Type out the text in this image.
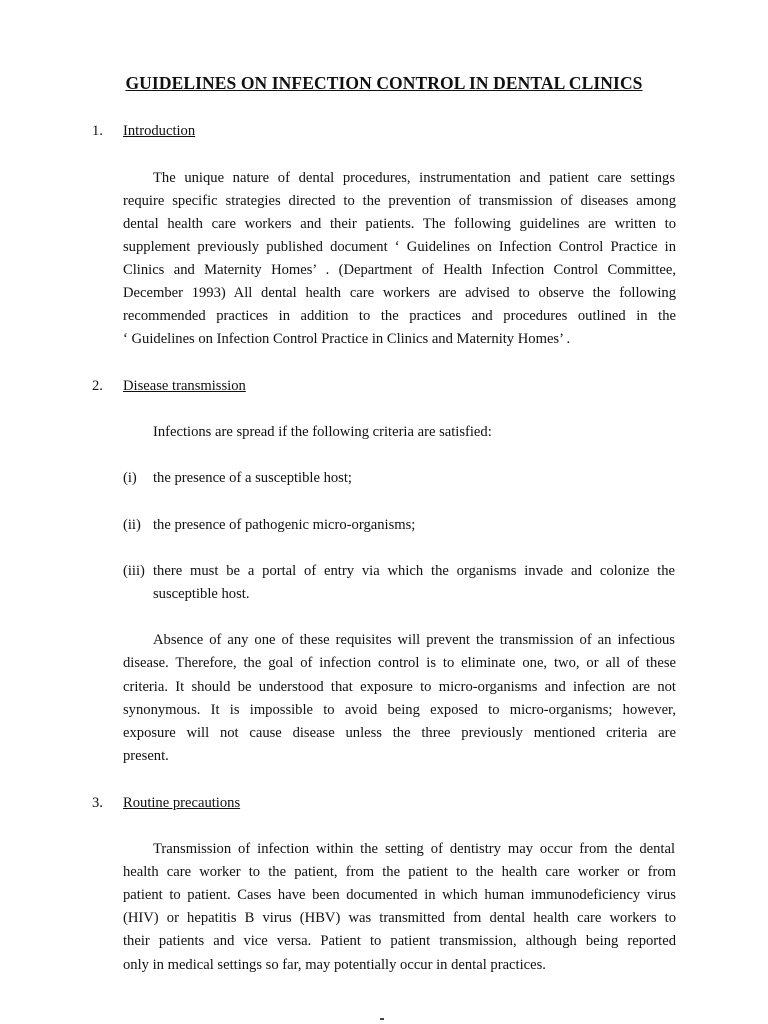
GUIDELINES ON INFECTION CONTROL IN DENTAL CLINICS
1. Introduction
The unique nature of dental procedures, instrumentation and patient care settings
require specific strategies directed to the prevention of transmission of diseases among
dental health care workers and their patients. The following guidelines are written to
supplement previously published document ‘ Guidelines on Infection Control Practice in
Clinics and Maternity Homes’ . (Department of Health Infection Control Committee,
December 1993) All dental health care workers are advised to observe the following
recommended practices in addition to the practices and procedures outlined in the
‘ Guidelines on Infection Control Practice in Clinics and Maternity Homes’ .
2. Disease transmission
Infections are spread if the following criteria are satisfied:
(i) the presence of a susceptible host;
(ii) the presence of pathogenic micro-organisms;
(iii) there must be a portal of entry via which the organisms invade and colonize the
susceptible host.
Absence of any one of these requisites will prevent the transmission of an infectious
disease. Therefore, the goal of infection control is to eliminate one, two, or all of these
criteria. It should be understood that exposure to micro-organisms and infection are not
synonymous. It is impossible to avoid being exposed to micro-organisms; however,
exposure will not cause disease unless the three previously mentioned criteria are
present.
3. Routine precautions
Transmission of infection within the setting of dentistry may occur from the dental
health care worker to the patient, from the patient to the health care worker or from
patient to patient. Cases have been documented in which human immunodeficiency virus
(HIV) or hepatitis B virus (HBV) was transmitted from dental health care workers to
their patients and vice versa. Patient to patient transmission, although being reported
only in medical settings so far, may potentially occur in dental practices.
